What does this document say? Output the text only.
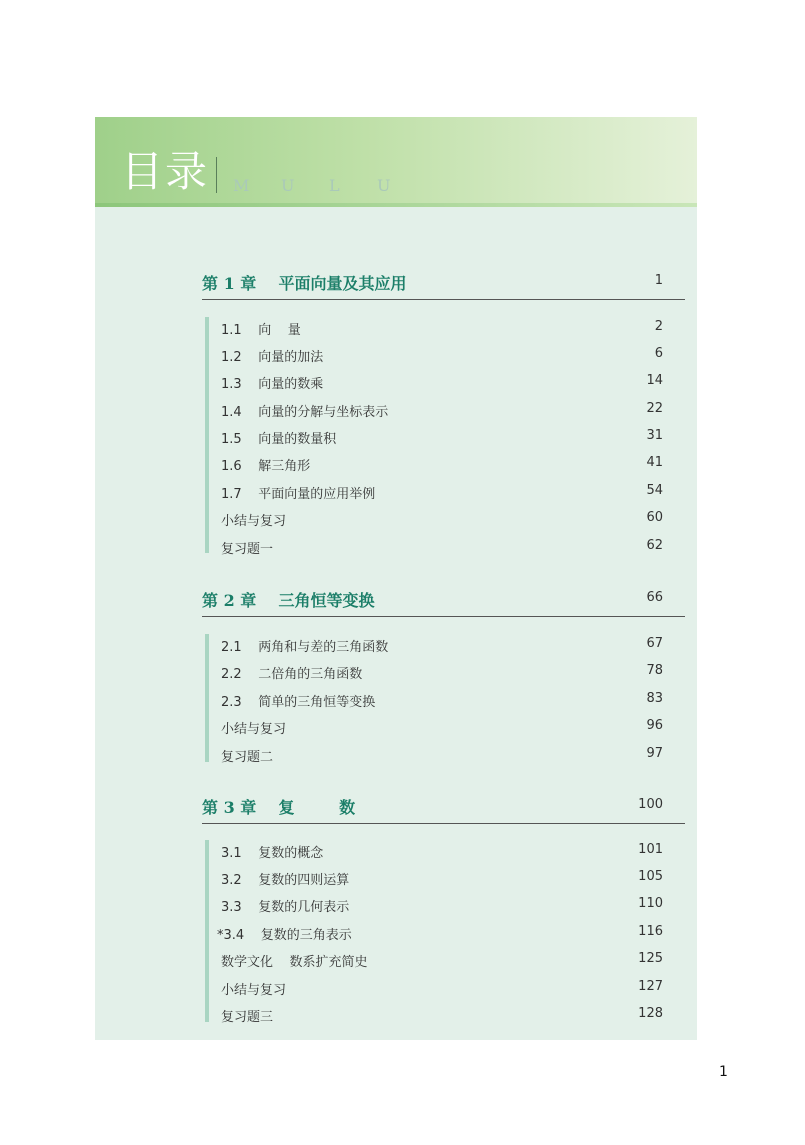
目录 M U L U
第 1 章    平面向量及其应用	1
1.1    向    量	2
1.2    向量的加法	6
1.3    向量的数乘	14
1.4    向量的分解与坐标表示	22
1.5    向量的数量积	31
1.6    解三角形	41
1.7    平面向量的应用举例	54
小结与复习	60
复习题一	62
第 2 章    三角恒等变换	66
2.1    两角和与差的三角函数	67
2.2    二倍角的三角函数	78
2.3    简单的三角恒等变换	83
小结与复习	96
复习题二	97
第 3 章    复        数	100
3.1    复数的概念	101
3.2    复数的四则运算	105
3.3    复数的几何表示	110
*3.4    复数的三角表示	116
数学文化    数系扩充简史	125
小结与复习	127
复习题三	128
1
